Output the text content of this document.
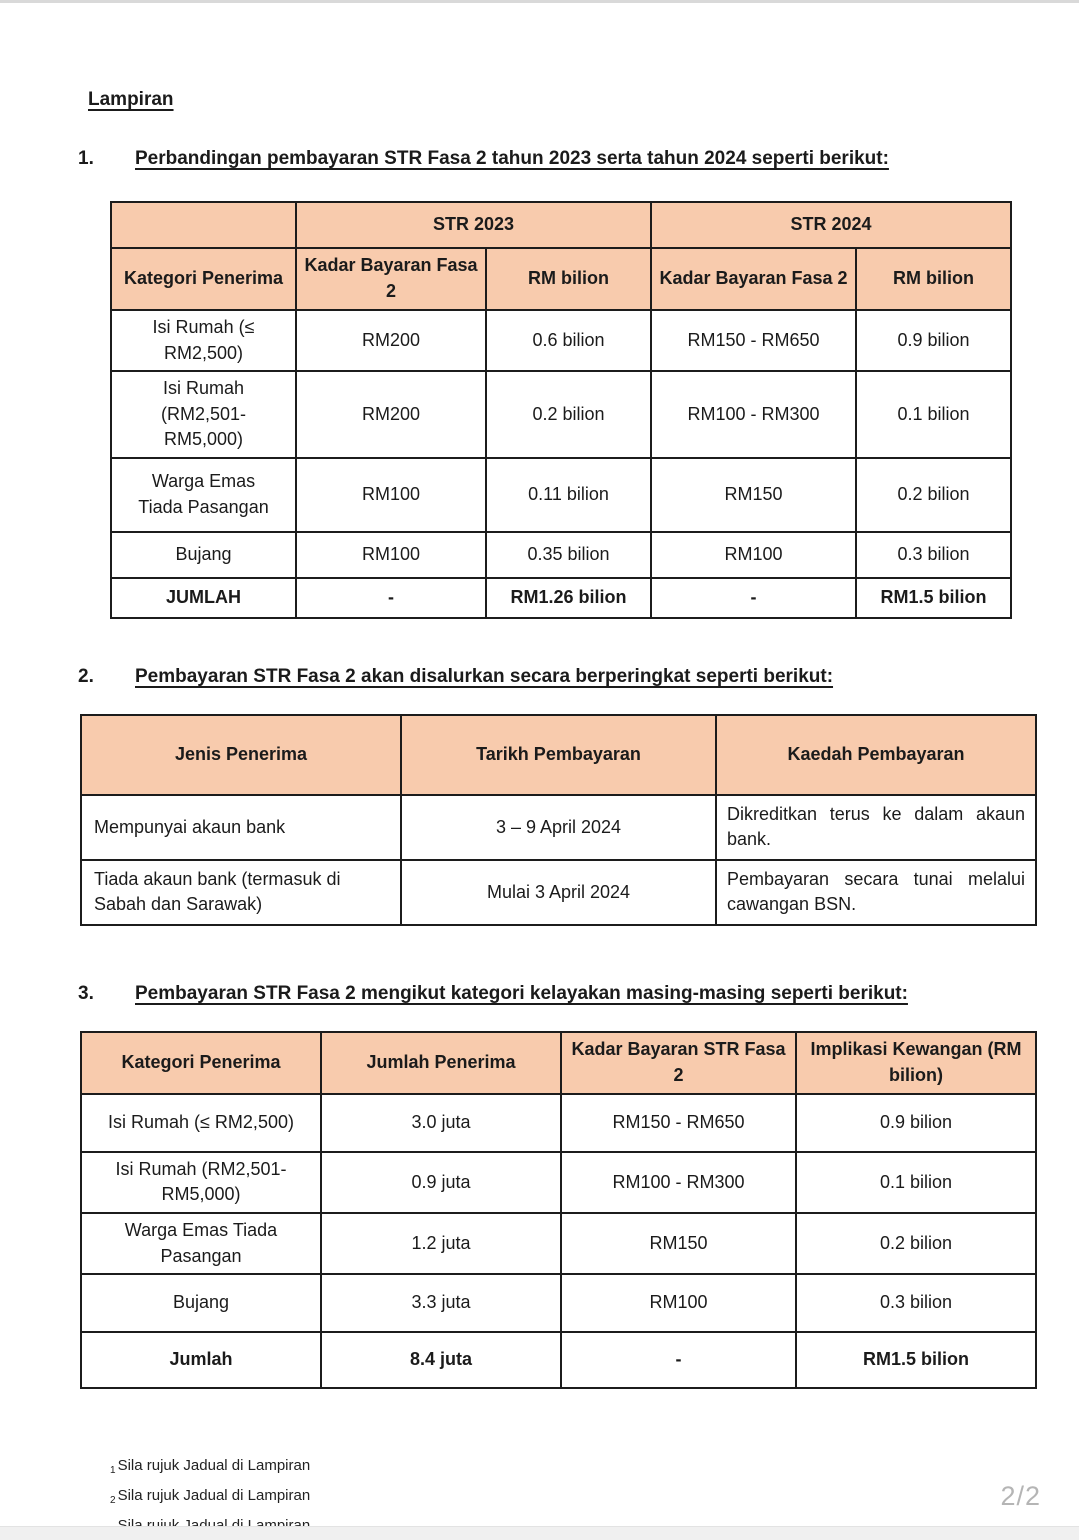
Lampiran
1.	Perbandingan pembayaran STR Fasa 2 tahun 2023 serta tahun 2024 seperti berikut:
	STR 2023		STR 2024	
Kategori Penerima	Kadar Bayaran Fasa 2	RM bilion	Kadar Bayaran Fasa 2	RM bilion
Isi Rumah (≤ RM2,500)	RM200	0.6 bilion	RM150 - RM650	0.9 bilion
Isi Rumah (RM2,501-RM5,000)	RM200	0.2 bilion	RM100 - RM300	0.1 bilion
Warga Emas Tiada Pasangan	RM100	0.11 bilion	RM150	0.2 bilion
Bujang	RM100	0.35 bilion	RM100	0.3 bilion
JUMLAH	-	RM1.26 bilion	-	RM1.5 bilion
2.	Pembayaran STR Fasa 2 akan disalurkan secara berperingkat seperti berikut:
Jenis Penerima	Tarikh Pembayaran	Kaedah Pembayaran
Mempunyai akaun bank	3 – 9 April 2024	Dikreditkan terus ke dalam akaun bank.
Tiada akaun bank (termasuk di Sabah dan Sarawak)	Mulai 3 April 2024	Pembayaran secara tunai melalui cawangan BSN.
3.	Pembayaran STR Fasa 2 mengikut kategori kelayakan masing-masing seperti berikut:
Kategori Penerima	Jumlah Penerima	Kadar Bayaran STR Fasa 2	Implikasi Kewangan (RM bilion)
Isi Rumah (≤ RM2,500)	3.0 juta	RM150 - RM650	0.9 bilion
Isi Rumah (RM2,501-RM5,000)	0.9 juta	RM100 - RM300	0.1 bilion
Warga Emas Tiada Pasangan	1.2 juta	RM150	0.2 bilion
Bujang	3.3 juta	RM100	0.3 bilion
Jumlah	8.4 juta	-	RM1.5 bilion
$_1$ Sila rujuk Jadual di Lampiran
$_2$ Sila rujuk Jadual di Lampiran	2/2
